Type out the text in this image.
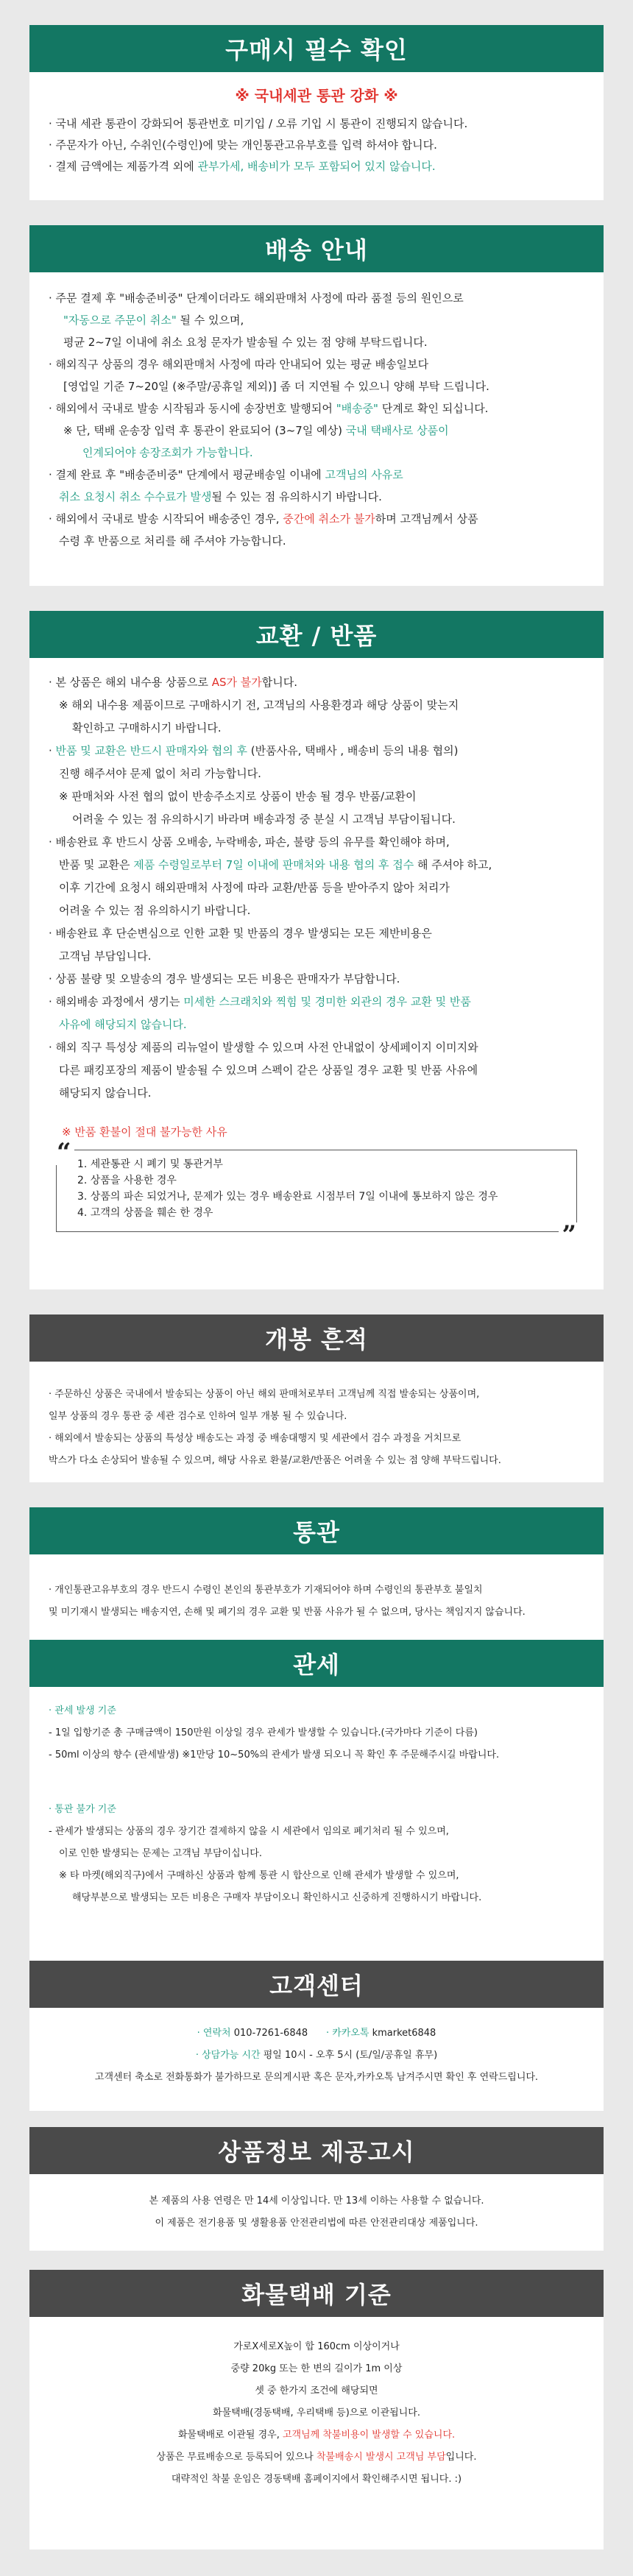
구매시 필수 확인
※ 국내세관 통관 강화 ※

· 국내 세관 통관이 강화되어 통관번호 미기입 / 오류 기입 시 통관이 진행되지 않습니다.

· 주문자가 아닌, 수취인(수령인)에 맞는 개인통관고유부호를 입력 하셔야 합니다.

· 결제 금액에는 제품가격 외에 관부가세, 배송비가 모두 포함되어 있지 않습니다.

배송 안내

· 주문 결제 후 "배송준비중" 단계이더라도 해외판매처 사정에 따라 품절 등의 원인으로

"자동으로 주문이 취소" 될 수 있으며,

평균 2~7일 이내에 취소 요청 문자가 발송될 수 있는 점 양해 부탁드립니다.

· 해외직구 상품의 경우 해외판매처 사정에 따라 안내되어 있는 평균 배송일보다

[영업일 기준 7~20일 (※주말/공휴일 제외)] 좀 더 지연될 수 있으니 양해 부탁 드립니다.

· 해외에서 국내로 발송 시작됨과 동시에 송장번호 발행되어 "배송중" 단계로 확인 되십니다.

※ 단, 택배 운송장 입력 후 통관이 완료되어 (3~7일 예상) 국내 택배사로 상품이

인계되어야 송장조회가 가능합니다.

· 결제 완료 후 "배송준비중" 단계에서 평균배송일 이내에 고객님의 사유로

취소 요청시 취소 수수료가 발생될 수 있는 점 유의하시기 바랍니다.

· 해외에서 국내로 발송 시작되어 배송중인 경우, 중간에 취소가 불가하며 고객님께서 상품

수령 후 반품으로 처리를 해 주셔야 가능합니다.

교환 / 반품

· 본 상품은 해외 내수용 상품으로 AS가 불가합니다.

※ 해외 내수용 제품이므로 구매하시기 전, 고객님의 사용환경과 해당 상품이 맞는지

확인하고 구매하시기 바랍니다.

· 반품 및 교환은 반드시 판매자와 협의 후 (반품사유, 택배사 , 배송비 등의 내용 협의)

진행 해주셔야 문제 없이 처리 가능합니다.

※ 판매처와 사전 협의 없이 반송주소지로 상품이 반송 될 경우 반품/교환이

어려울 수 있는 점 유의하시기 바라며 배송과정 중 분실 시 고객님 부담이됩니다.

· 배송완료 후 반드시 상품 오배송, 누락배송, 파손, 불량 등의 유무를 확인해야 하며,

반품 및 교환은 제품 수령일로부터 7일 이내에 판매처와 내용 협의 후 접수 해 주셔야 하고,

이후 기간에 요청시 해외판매처 사정에 따라 교환/반품 등을 받아주지 않아 처리가

어려울 수 있는 점 유의하시기 바랍니다.

· 배송완료 후 단순변심으로 인한 교환 및 반품의 경우 발생되는 모든 제반비용은

고객님 부담입니다.

· 상품 불량 및 오발송의 경우 발생되는 모든 비용은 판매자가 부담합니다.

· 해외배송 과정에서 생기는 미세한 스크래치와 찍힘 및 경미한 외관의 경우 교환 및 반품

사유에 해당되지 않습니다.

· 해외 직구 특성상 제품의 리뉴얼이 발생할 수 있으며 사전 안내없이 상세페이지 이미지와

다른 패킹포장의 제품이 발송될 수 있으며 스펙이 같은 상품일 경우 교환 및 반품 사유에

해당되지 않습니다.

※ 반품 환불이 절대 불가능한 사유

“ 1. 세관통관 시 폐기 및 통관거부

2. 상품을 사용한 경우

3. 상품의 파손 되었거나, 문제가 있는 경우 배송완료 시점부터 7일 이내에 통보하지 않은 경우

4. 고객의 상품을 훼손 한 경우

”
개봉 흔적

· 주문하신 상품은 국내에서 발송되는 상품이 아닌 해외 판매처로부터 고객님께 직접 발송되는 상품이며,

일부 상품의 경우 통관 중 세관 검수로 인하여 일부 개봉 될 수 있습니다.

· 해외에서 발송되는 상품의 특성상 배송도는 과정 중 배송대행지 및 세관에서 검수 과정을 거치므로

박스가 다소 손상되어 발송될 수 있으며, 해당 사유로 환불/교환/반품은 어려울 수 있는 점 양해 부탁드립니다.

통관

· 개인통관고유부호의 경우 반드시 수령인 본인의 통관부호가 기재되어야 하며 수령인의 통관부호 불일치

및 미기재시 발생되는 배송지연, 손해 및 폐기의 경우 교환 및 반품 사유가 될 수 없으며, 당사는 책임지지 않습니다.

관세

· 관세 발생 기준

- 1일 입항기준 총 구매금액이 150만원 이상일 경우 관세가 발생할 수 있습니다.(국가마다 기준이 다름)

- 50ml 이상의 향수 (관세발생) ※1만당 10~50%의 관세가 발생 되오니 꼭 확인 후 주문해주시길 바랍니다.

· 통관 불가 기준

- 관세가 발생되는 상품의 경우 장기간 결제하지 않을 시 세관에서 임의로 폐기처리 될 수 있으며,

이로 인한 발생되는 문제는 고객님 부담이십니다.

※ 타 마켓(해외직구)에서 구매하신 상품과 함께 통관 시 합산으로 인해 관세가 발생할 수 있으며,

해당부분으로 발생되는 모든 비용은 구매자 부담이오니 확인하시고 신중하게 진행하시기 바랍니다.

고객센터

· 연락처 010-7261-6848 · 카카오톡 kmarket6848

· 상담가능 시간 평일 10시 - 오후 5시 (토/일/공휴일 휴무)

고객센터 축소로 전화통화가 불가하므로 문의게시판 혹은 문자,카카오톡 남겨주시면 확인 후 연락드립니다.

상품정보 제공고시

본 제품의 사용 연령은 만 14세 이상입니다. 만 13세 이하는 사용할 수 없습니다.

이 제품은 전기용품 및 생활용품 안전관리법에 따른 안전관리대상 제품입니다.

화물택배 기준

가로X세로X높이 합 160cm 이상이거나

중량 20kg 또는 한 변의 길이가 1m 이상

셋 중 한가지 조건에 해당되면

화물택배(경동택배, 우리택배 등)으로 이관됩니다.

화물택배로 이관될 경우, 고객님께 착불비용이 발생할 수 있습니다.

상품은 무료배송으로 등록되어 있으나 착불배송시 발생시 고객님 부담입니다.

대략적인 착불 운임은 경동택배 홈페이지에서 확인해주시면 됩니다. :)
